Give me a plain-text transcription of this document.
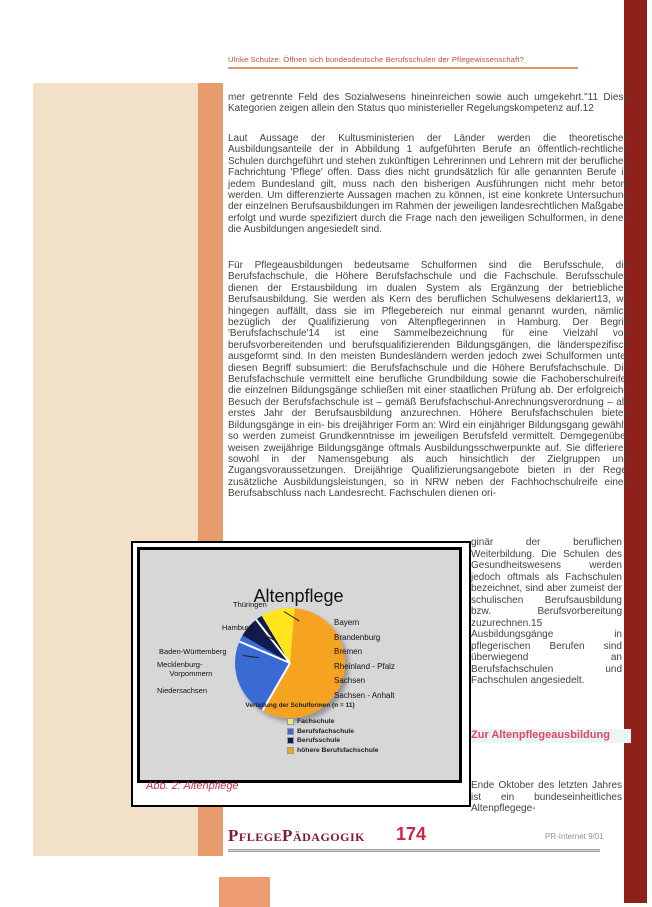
Ulrike Schulze: Öffnen sich bundesdeutsche Berufsschulen der Pflegewissenschaft?

mer getrennte Feld des Sozialwesens hineinreichen sowie auch umgekehrt."11 Diese Kategorien zeigen allein den Status quo ministerieller Regelungskompetenz auf.12

Laut Aussage der Kultusministerien der Länder werden die theoretischen Ausbildungsanteile der in Abbildung 1 aufgeführten Berufe an öffentlich-rechtlichen Schulen durchgeführt und stehen zukünftigen Lehrerinnen und Lehrern mit der beruflichen Fachrichtung 'Pflege' offen. Dass dies nicht grundsätzlich für alle genannten Berufe in jedem Bundesland gilt, muss nach den bisherigen Ausführungen nicht mehr betont werden. Um differenzierte Aussagen machen zu können, ist eine konkrete Untersuchung der einzelnen Berufsausbildungen im Rahmen der jeweiligen landesrechtlichen Maßgaben erfolgt und wurde spezifiziert durch die Frage nach den jeweiligen Schulformen, in denen die Ausbildungen angesiedelt sind.

Für Pflegeausbildungen bedeutsame Schulformen sind die Berufsschule, die Berufsfachschule, die Höhere Berufsfachschule und die Fachschule. Berufsschulen dienen der Erstausbildung im dualen System als Ergänzung der betrieblichen Berufsausbildung. Sie werden als Kern des beruflichen Schulwesens deklariert13, wo hingegen auffällt, dass sie im Pflegebereich nur einmal genannt wurden, nämlich bezüglich der Qualifizierung von Altenpflegerinnen in Hamburg. Der Begriff 'Berufsfachschule'14 ist eine Sammelbezeichnung für eine Vielzahl von berufsvorbereitenden und berufsqualifizierenden Bildungsgängen, die länderspezifisch ausgeformt sind. In den meisten Bundesländern werden jedoch zwei Schulformen unter diesen Begriff subsumiert: die Berufsfachschule und die Höhere Berufsfachschule. Die Berufsfachschule vermittelt eine berufliche Grundbildung sowie die Fachoberschulreife, die einzelnen Bildungsgänge schließen mit einer staatlichen Prüfung ab. Der erfolgreiche Besuch der Berufsfachschule ist – gemäß Berufsfachschul-Anrechnungsverordnung – als erstes Jahr der Berufsausbildung anzurechnen. Höhere Berufsfachschulen bieten Bildungsgänge in ein- bis dreijähriger Form an: Wird ein einjähriger Bildungsgang gewählt, so werden zumeist Grundkenntnisse im jeweiligen Berufsfeld vermittelt. Demgegenüber weisen zweijährige Bildungsgänge oftmals Ausbildungsschwerpunkte auf. Sie differieren sowohl in der Namensgebung als auch hinsichtlich der Zielgruppen und Zugangsvoraussetzungen. Dreijährige Qualifizierungsangebote bieten in der Regel zusätzliche Ausbildungsleistungen, so in NRW neben der Fachhochschulreife einen Berufsabschluss nach Landesrecht. Fachschulen dienen ori-

ginär der beruflichen Weiterbildung. Die Schulen des Gesundheitswesens werden jedoch oftmals als Fachschulen bezeichnet, sind aber zumeist der schulischen Berufsausbildung bzw. Berufsvorbereitung zuzurechnen.15 Ausbildungsgänge in pflegerischen Berufen sind überwiegend an Berufsfachschulen und Fachschulen angesiedelt.

Zur Altenpflegeausbildung

Ende Oktober des letzten Jahres ist ein bundeseinheitliches Altenpflegege-

Altenpflege
Thüringen
Hamburg
Baden-Württemberg
Mecklenburg-
Vorpommern
Niedersachsen
Bayern
Brandenburg
Bremen
Rheinland - Pfalz
Sachsen
Sachsen - Anhalt
Verteilung der Schulformen (n = 11)
Fachschule
Berufsfachschule
Berufsschule
höhere Berufsfachschule
Abb. 2: Altenpflege
PflegePädagogik 174	PR-Internet 9/01
